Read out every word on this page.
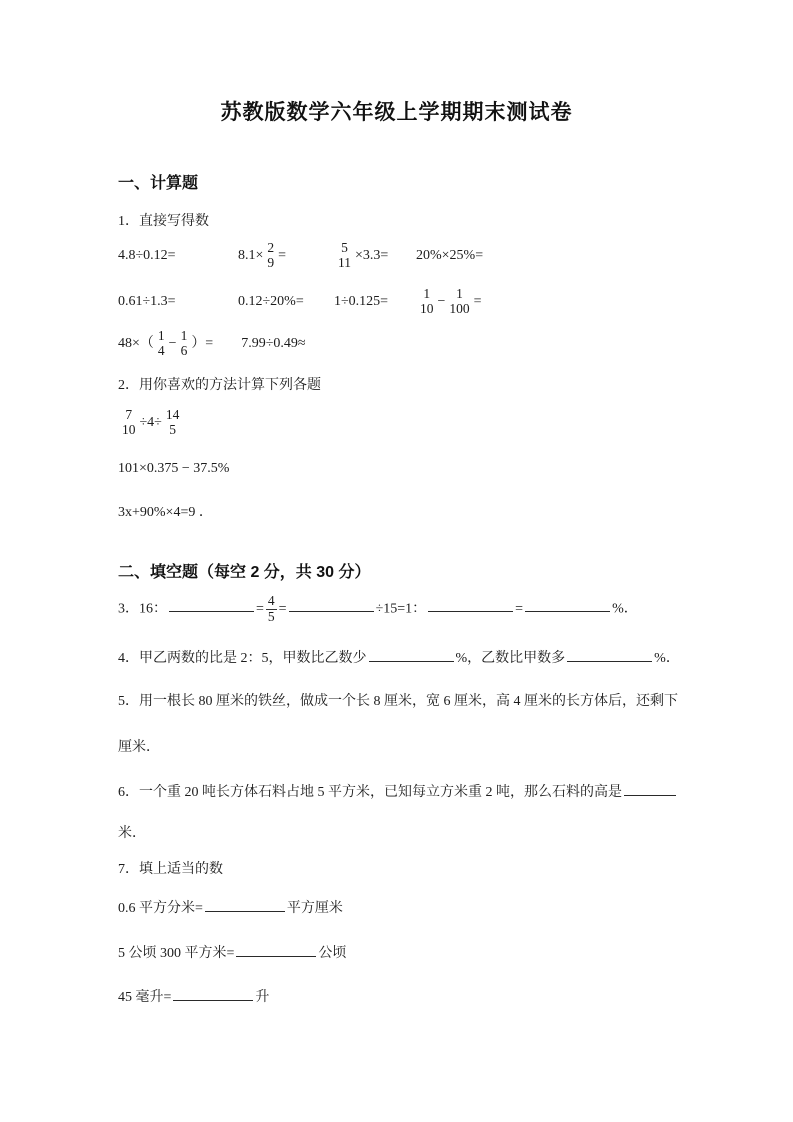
苏教版数学六年级上学期期末测试卷
一、计算题
1．直接写得数
4.8÷0.12=	8.1×
2
9 =
5
11 ×3.3=	20%×25%=
0.61÷1.3=	0.12÷20%=	1÷0.125=
1
10 −
1
100 =
48×（
1
4 −
1
6 ）= 7.99÷0.49≈
2．用你喜欢的方法计算下列各题
7
10 ÷4÷
14
5
101×0.375 − 37.5%
3x+90%×4=9 ．
二、填空题（每空 2 分，共 30 分）
3．16：	= $\frac{4}{5}$ =	÷15=1：	=	%．
4．甲乙两数的比是 2：5，甲数比乙数少	%，乙数比甲数多	%．
5．用一根长 80 厘米的铁丝，做成一个长 8 厘米，宽 6 厘米，高 4 厘米的长方体后，还剩下
厘米．
6．一个重 20 吨长方体石料占地 5 平方米，已知每立方米重 2 吨，那么石料的高是
米．
7．填上适当的数
0.6 平方分米=	平方厘米
5 公顷 300 平方米=	公顷
45 毫升=	升
